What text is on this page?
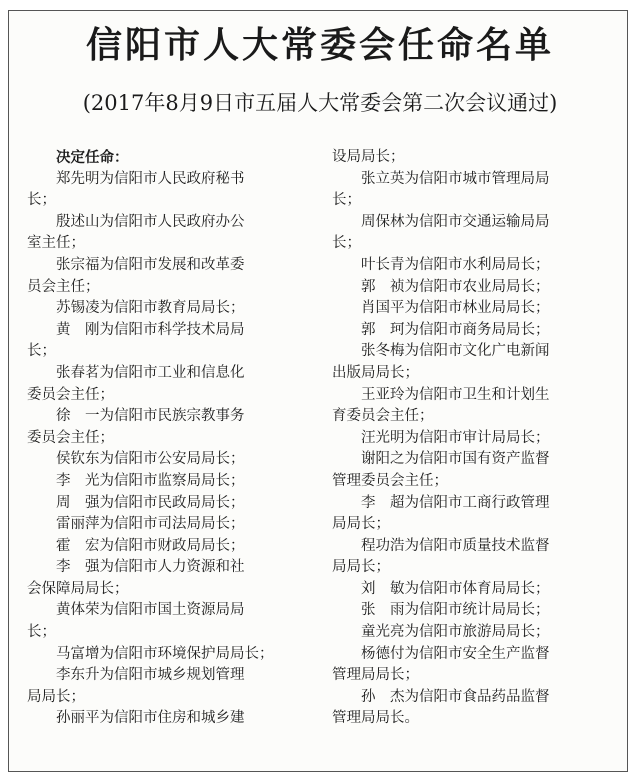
信阳市人大常委会任命名单
(2017年8月9日市五届人大常委会第二次会议通过)
决定任命：
郑先明为信阳市人民政府秘书
长；
殷述山为信阳市人民政府办公
室主任；
张宗福为信阳市发展和改革委
员会主任；
苏锡凌为信阳市教育局局长；
黄　刚为信阳市科学技术局局
长；
张春茗为信阳市工业和信息化
委员会主任；
徐　一为信阳市民族宗教事务
委员会主任；
侯钦东为信阳市公安局局长；
李　光为信阳市监察局局长；
周　强为信阳市民政局局长；
雷丽萍为信阳市司法局局长；
霍　宏为信阳市财政局局长；
李　强为信阳市人力资源和社
会保障局局长；
黄体荣为信阳市国土资源局局
长；
马富增为信阳市环境保护局局长；
李东升为信阳市城乡规划管理
局局长；
孙丽平为信阳市住房和城乡建
设局局长；
张立英为信阳市城市管理局局
长；
周保林为信阳市交通运输局局
长；
叶长青为信阳市水利局局长；
郭　祯为信阳市农业局局长；
肖国平为信阳市林业局局长；
郭　珂为信阳市商务局局长；
张冬梅为信阳市文化广电新闻
出版局局长；
王亚玲为信阳市卫生和计划生
育委员会主任；
汪光明为信阳市审计局局长；
谢阳之为信阳市国有资产监督
管理委员会主任；
李　超为信阳市工商行政管理
局局长；
程功浩为信阳市质量技术监督
局局长；
刘　敏为信阳市体育局局长；
张　雨为信阳市统计局局长；
童光亮为信阳市旅游局局长；
杨德付为信阳市安全生产监督
管理局局长；
孙　杰为信阳市食品药品监督
管理局局长。
